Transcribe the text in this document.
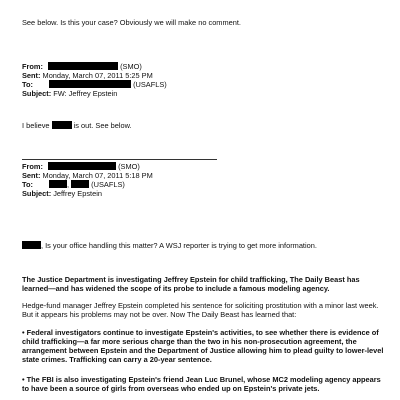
See below. Is this your case? Obviously we will make no comment.
From:	(SMO)
Sent: Monday, March 07, 2011 5:25 PM
To:	(USAFLS)
Subject: FW: Jeffrey Epstein
I believe	is out. See below.
From:	(SMO)
Sent: Monday, March 07, 2011 5:18 PM
To:	,  (USAFLS)
Subject: Jeffrey Epstein
, Is your office handling this matter? A WSJ reporter is trying to get more information.
The Justice Department is investigating Jeffrey Epstein for child trafficking, The Daily Beast has learned—and has widened the scope of its probe to include a famous modeling agency.
Hedge-fund manager Jeffrey Epstein completed his sentence for soliciting prostitution with a minor last week. But it appears his problems may not be over. Now The Daily Beast has learned that:
• Federal investigators continue to investigate Epstein's activities, to see whether there is evidence of child trafficking—a far more serious charge than the two in his non-prosecution agreement, the arrangement between Epstein and the Department of Justice allowing him to plead guilty to lower-level state crimes. Trafficking can carry a 20-year sentence.
• The FBI is also investigating Epstein's friend Jean Luc Brunel, whose MC2 modeling agency appears to have been a source of girls from overseas who ended up on Epstein's private jets.
